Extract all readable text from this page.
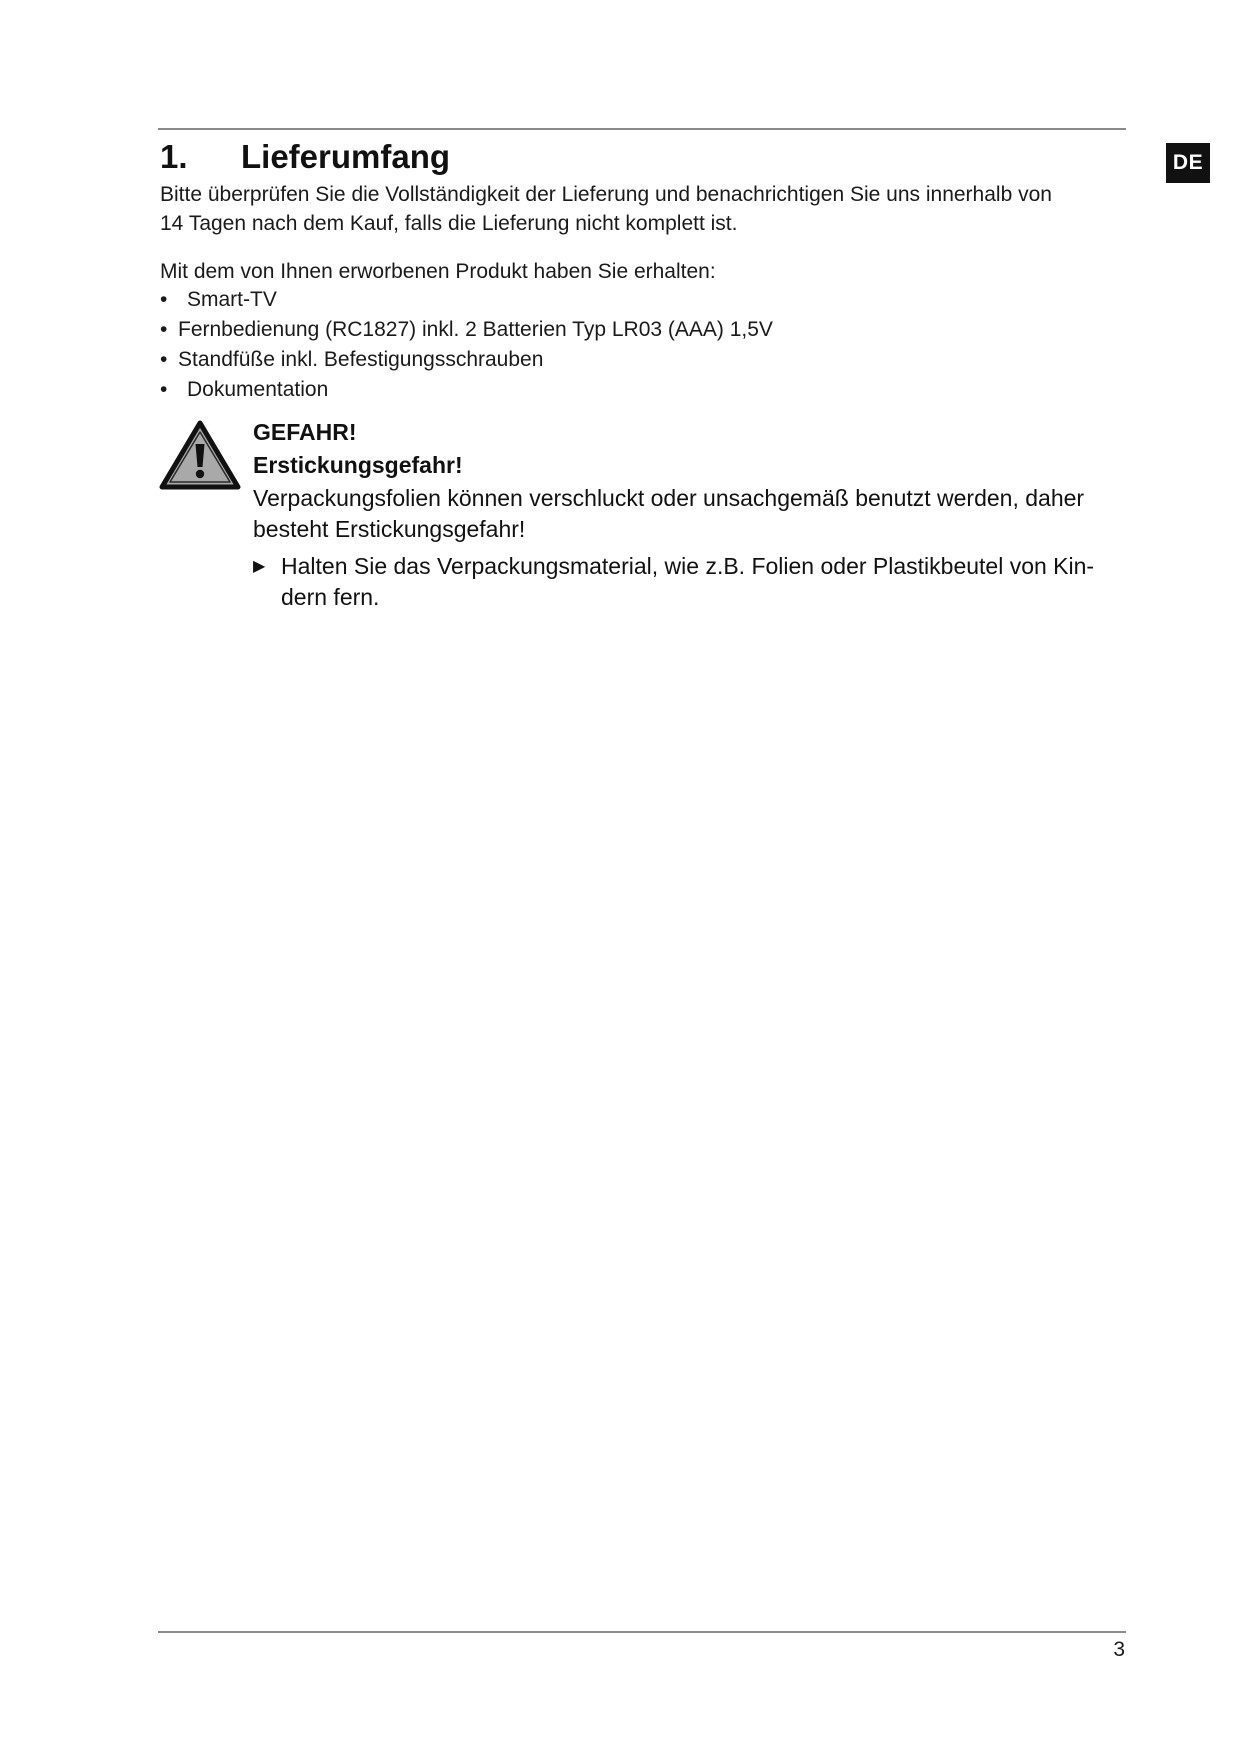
DE
1.	Lieferumfang

Bitte überprüfen Sie die Vollständigkeit der Lieferung und benachrichtigen Sie uns innerhalb von
14 Tagen nach dem Kauf, falls die Lieferung nicht komplett ist.

Mit dem von Ihnen erworbenen Produkt haben Sie erhalten:

• Smart-TV
• Fernbedienung (RC1827) inkl. 2 Batterien Typ LR03 (AAA) 1,5V
• Standfüße inkl. Befestigungsschrauben
• Dokumentation
GEFAHR!
Erstickungsgefahr!
Verpackungsfolien können verschluckt oder unsachgemäß benutzt werden, daher
besteht Erstickungsgefahr!
▶ Halten Sie das Verpackungsmaterial, wie z.B. Folien oder Plastikbeutel von Kin-
dern fern.
3
